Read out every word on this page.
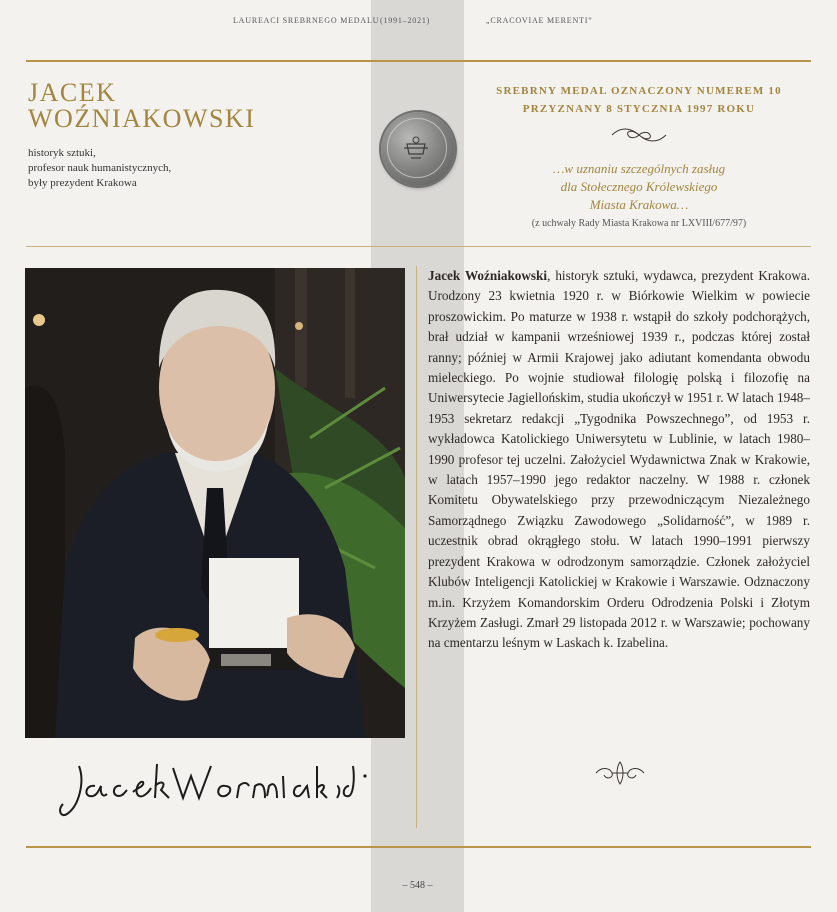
LAUREACI SREBRNEGO MEDALU (1991–2021)	„CRACOVIAE MERENTI”
JACEK
WOŹNIAKOWSKI
historyk sztuki,
profesor nauk humanistycznych,
były prezydent Krakowa
SREBRNY MEDAL OZNACZONY NUMEREM 10
PRZYZNANY 8 STYCZNIA 1997 ROKU
…w uznaniu szczególnych zasług
dla Stołecznego Królewskiego
Miasta Krakowa…
(z uchwały Rady Miasta Krakowa nr LXVIII/677/97)
Jacek Woźniakowski, historyk sztuki, wydawca, prezydent Krakowa. Urodzony 23 kwietnia 1920 r. w Biórkowie Wielkim w powiecie proszowickim. Po maturze w 1938 r. wstąpił do szkoły podchorążych, brał udział w kampanii wrześniowej 1939 r., podczas której został ranny; później w Armii Krajowej jako adiutant komendanta obwodu mieleckiego. Po wojnie studiował filologię polską i filozofię na Uniwersytecie Jagiellońskim, studia ukończył w 1951 r. W latach 1948–1953 sekretarz redakcji „Tygodnika Powszechnego”, od 1953 r. wykładowca Katolickiego Uniwersytetu w Lublinie, w latach 1980–1990 profesor tej uczelni. Założyciel Wydawnictwa Znak w Krakowie, w latach 1957–1990 jego redaktor naczelny. W 1988 r. członek Komitetu Obywatelskiego przy przewodniczącym Niezależnego Samorządnego Związku Zawodowego „Solidarność”, w 1989 r. uczestnik obrad okrągłego stołu. W latach 1990–1991 pierwszy prezydent Krakowa w odrodzonym samorządzie. Członek założyciel Klubów Inteligencji Katolickiej w Krakowie i Warszawie. Odznaczony m.in. Krzyżem Komandorskim Orderu Odrodzenia Polski i Złotym Krzyżem Zasługi. Zmarł 29 listopada 2012 r. w Warszawie; pochowany na cmentarzu leśnym w Laskach k. Izabelina.
– 548 –
